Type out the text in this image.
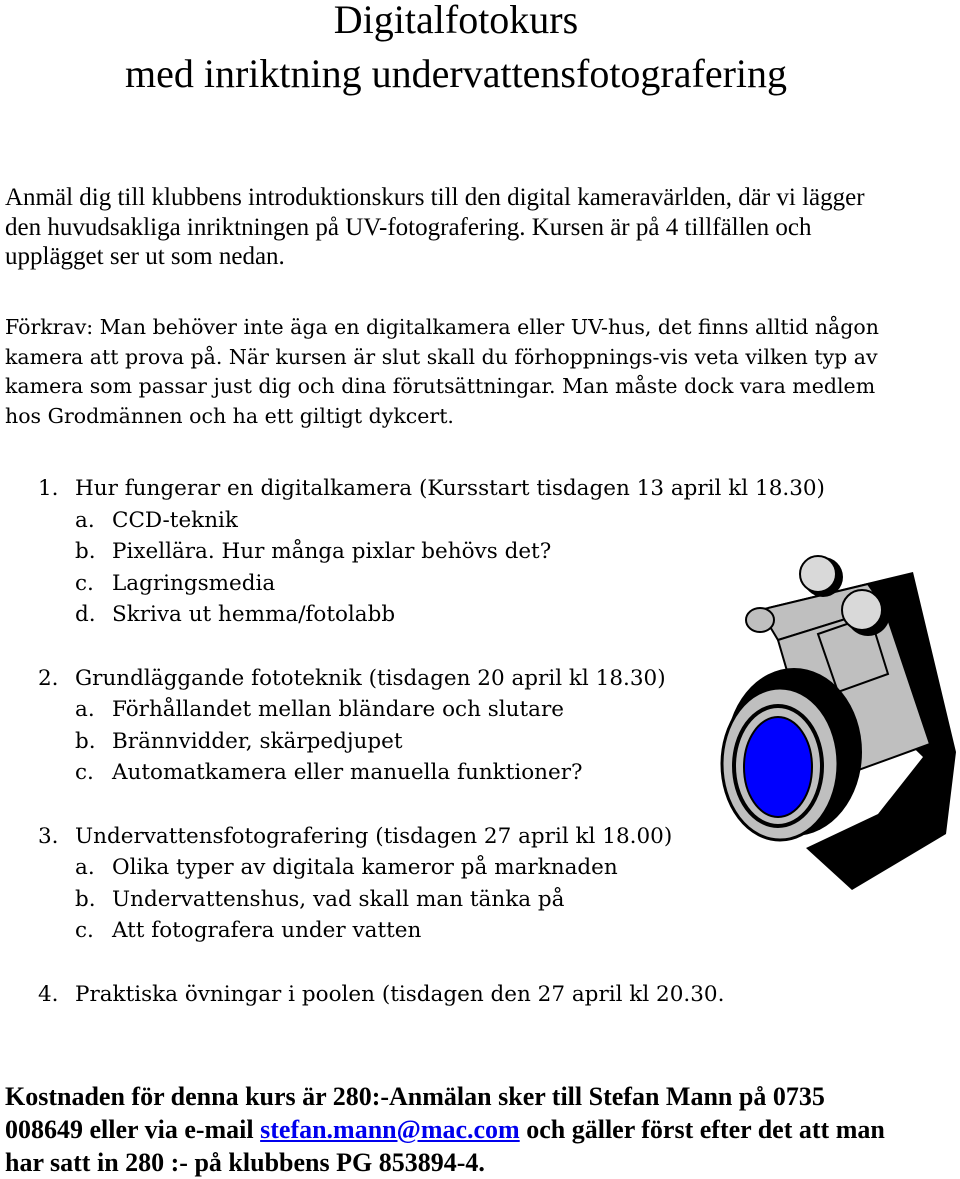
Digitalfotokurs
med inriktning undervattensfotografering

Anmäl dig till klubbens introduktionskurs till den digital kameravärlden, där vi lägger den huvudsakliga inriktningen på UV-fotografering. Kursen är på 4 tillfällen och upplägget ser ut som nedan.

Förkrav: Man behöver inte äga en digitalkamera eller UV-hus, det finns alltid någon kamera att prova på. När kursen är slut skall du förhoppnings-vis veta vilken typ av kamera som passar just dig och dina förutsättningar. Man måste dock vara medlem hos Grodmännen och ha ett giltigt dykcert.

1. Hur fungerar en digitalkamera (Kursstart tisdagen 13 april kl 18.30)
a. CCD-teknik
b. Pixellära. Hur många pixlar behövs det?
c. Lagringsmedia
d. Skriva ut hemma/fotolabb
2. Grundläggande fototeknik (tisdagen 20 april kl 18.30)
a. Förhållandet mellan bländare och slutare
b. Brännvidder, skärpedjupet
c. Automatkamera eller manuella funktioner?
3. Undervattensfotografering (tisdagen 27 april kl 18.00)
a. Olika typer av digitala kameror på marknaden
b. Undervattenshus, vad skall man tänka på
c. Att fotografera under vatten
4. Praktiska övningar i poolen (tisdagen den 27 april kl 20.30.

Kostnaden för denna kurs är 280:-Anmälan sker till Stefan Mann på 0735 008649 eller via e-mail stefan.mann@mac.com och gäller först efter det att man har satt in 280 :- på klubbens PG 853894-4.
